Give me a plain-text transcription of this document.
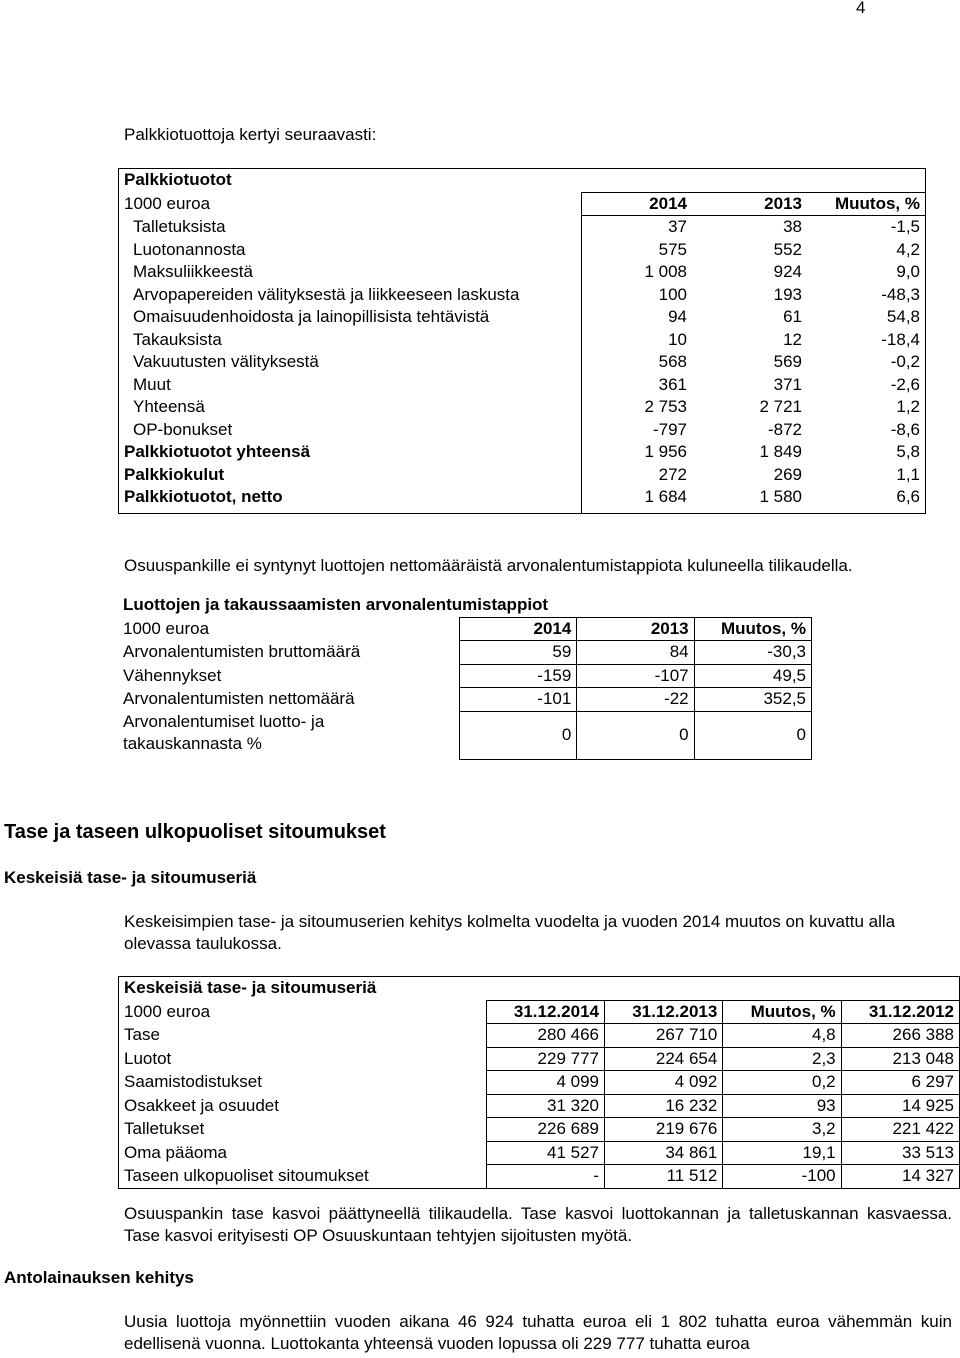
4
Palkkiotuottoja kertyi seuraavasti:
Palkkiotuotot			
1000 euroa	2014	2013	Muutos, %
Talletuksista	37	38	-1,5
Luotonannosta	575	552	4,2
Maksuliikkeestä	1 008	924	9,0
Arvopapereiden välityksestä ja liikkeeseen laskusta	100	193	-48,3
Omaisuudenhoidosta ja lainopillisista tehtävistä	94	61	54,8
Takauksista	10	12	-18,4
Vakuutusten välityksestä	568	569	-0,2
Muut	361	371	-2,6
Yhteensä	2 753	2 721	1,2
OP-bonukset	-797	-872	-8,6
Palkkiotuotot yhteensä	1 956	1 849	5,8
Palkkiokulut	272	269	1,1
Palkkiotuotot, netto	1 684	1 580	6,6
Osuuspankille ei syntynyt luottojen nettomääräistä arvonalentumistappiota kuluneella tilikaudella.
Luottojen ja takaussaamisten arvonalentumistappiot			
1000 euroa	2014	2013	Muutos, %
Arvonalentumisten bruttomäärä	59	84	-30,3
Vähennykset	-159	-107	49,5
Arvonalentumisten nettomäärä	-101	-22	352,5

Arvonalentumiset luotto- ja
takauskannasta %	0	0	0
Tase ja taseen ulkopuoliset sitoumukset
Keskeisiä tase- ja sitoumuseriä
Keskeisimpien tase- ja sitoumuserien kehitys kolmelta vuodelta ja vuoden 2014 muutos on kuvattu alla olevassa taulukossa.
Keskeisiä tase- ja sitoumuseriä				
1000 euroa	31.12.2014	31.12.2013	Muutos, %	31.12.2012
Tase	280 466	267 710	4,8	266 388
Luotot	229 777	224 654	2,3	213 048
Saamistodistukset	4 099	4 092	0,2	6 297
Osakkeet ja osuudet	31 320	16 232	93	14 925
Talletukset	226 689	219 676	3,2	221 422
Oma pääoma	41 527	34 861	19,1	33 513
Taseen ulkopuoliset sitoumukset	-	11 512	-100	14 327
Osuuspankin tase kasvoi päättyneellä tilikaudella. Tase kasvoi luottokannan ja talletuskannan kasvaessa. Tase kasvoi erityisesti OP Osuuskuntaan tehtyjen sijoitusten myötä.
Antolainauksen kehitys
Uusia luottoja myönnettiin vuoden aikana 46 924 tuhatta euroa eli 1 802 tuhatta euroa vähemmän kuin edellisenä vuonna. Luottokanta yhteensä vuoden lopussa oli 229 777 tuhatta euroa
